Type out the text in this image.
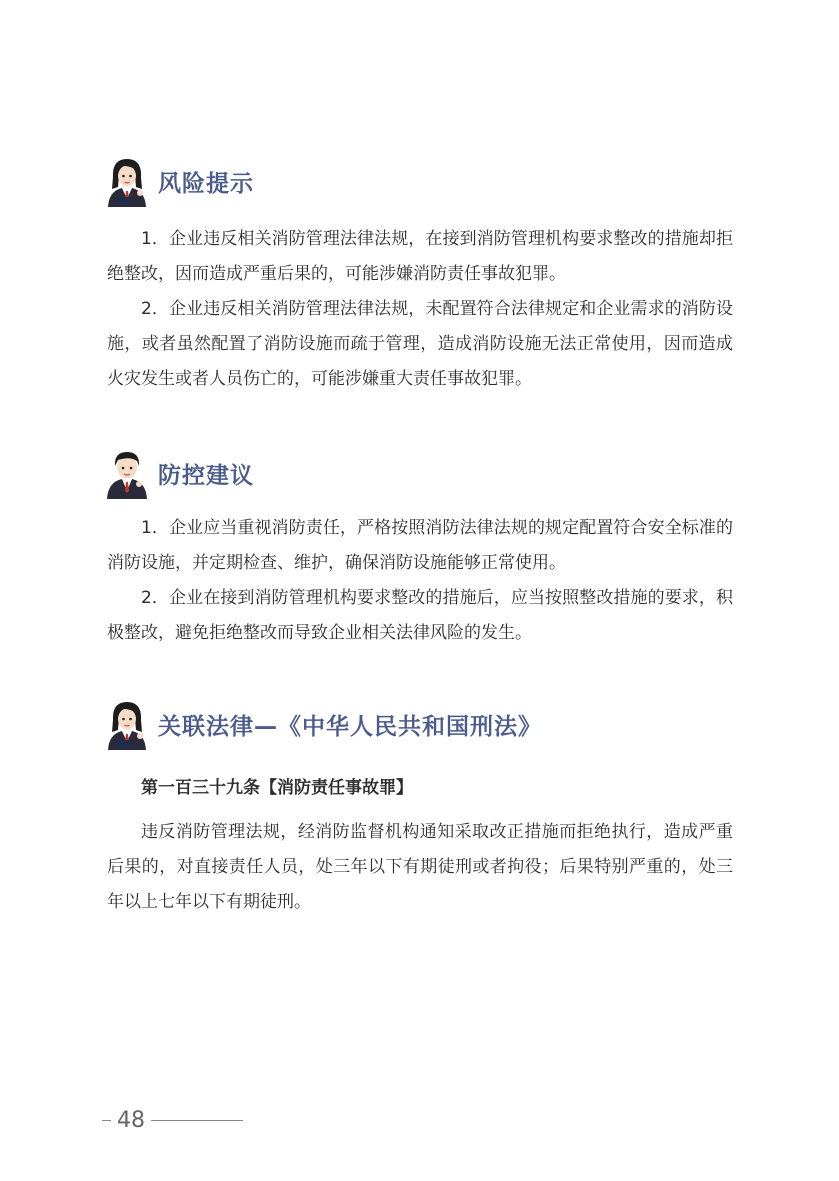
风险提示

1．企业违反相关消防管理法律法规，在接到消防管理机构要求整改的措施却拒绝整改，因而造成严重后果的，可能涉嫌消防责任事故犯罪。

2．企业违反相关消防管理法律法规，未配置符合法律规定和企业需求的消防设施，或者虽然配置了消防设施而疏于管理，造成消防设施无法正常使用，因而造成火灾发生或者人员伤亡的，可能涉嫌重大责任事故犯罪。

防控建议

1．企业应当重视消防责任，严格按照消防法律法规的规定配置符合安全标准的消防设施，并定期检查、维护，确保消防设施能够正常使用。

2．企业在接到消防管理机构要求整改的措施后，应当按照整改措施的要求，积极整改，避免拒绝整改而导致企业相关法律风险的发生。

关联法律—《中华人民共和国刑法》
第一百三十九条【消防责任事故罪】

违反消防管理法规，经消防监督机构通知采取改正措施而拒绝执行，造成严重后果的，对直接责任人员，处三年以下有期徒刑或者拘役；后果特别严重的，处三年以上七年以下有期徒刑。

48
